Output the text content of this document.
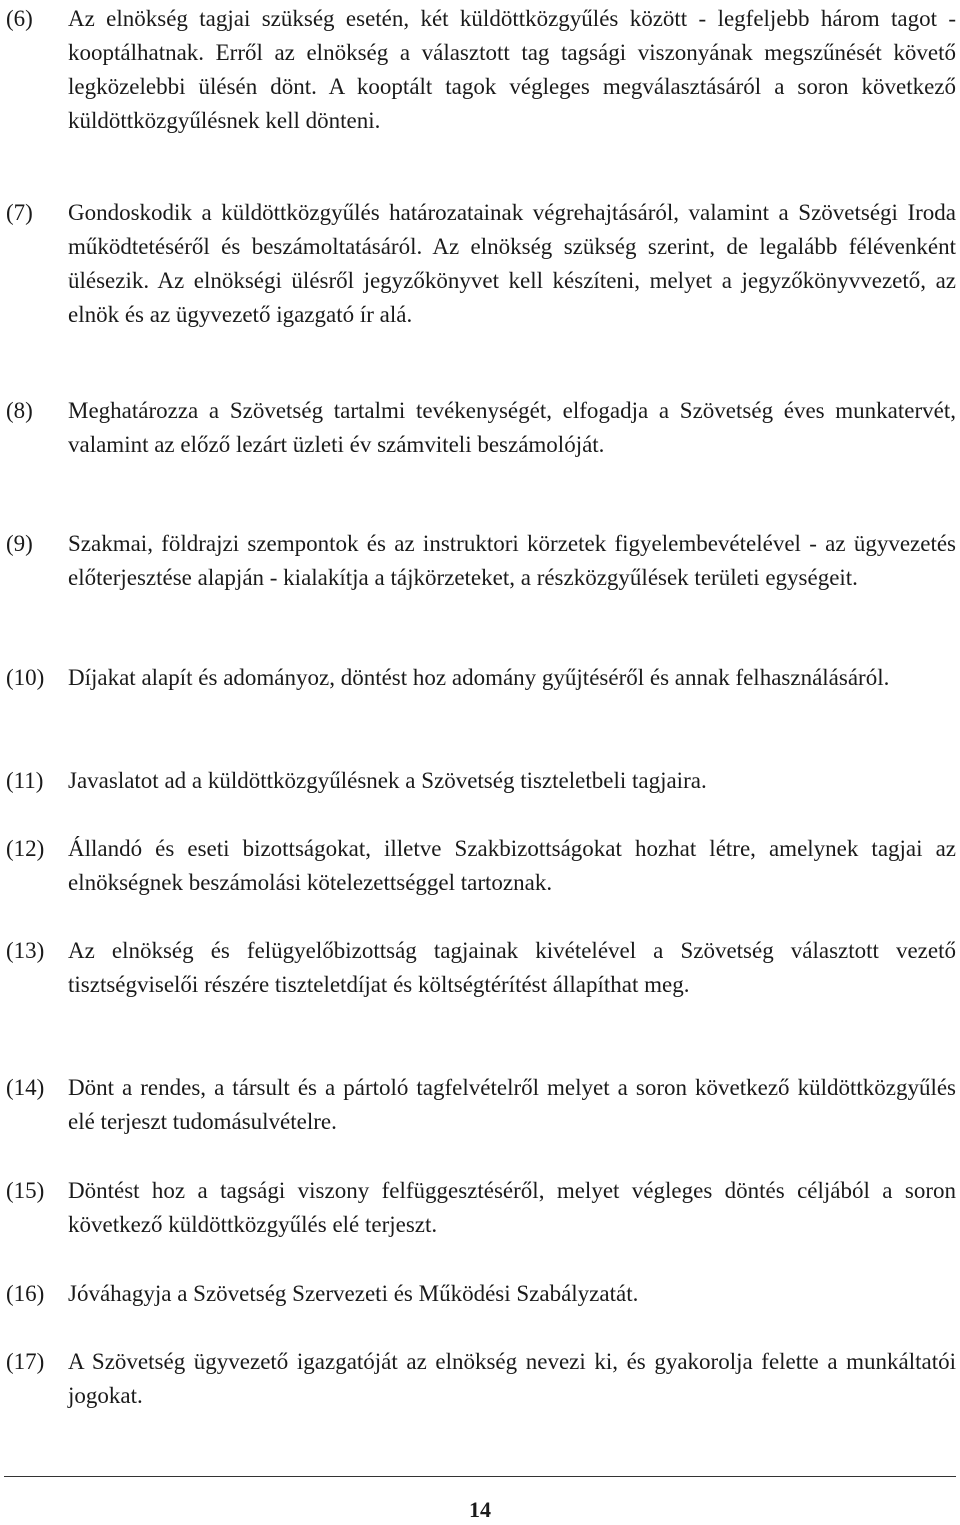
(6) Az elnökség tagjai szükség esetén, két küldöttközgyűlés között - legfeljebb három tagot - kooptálhatnak. Erről az elnökség a választott tag tagsági viszonyának megszűnését követő legközelebbi ülésén dönt. A kooptált tagok végleges megválasztásáról a soron következő küldöttközgyűlésnek kell dönteni.
(7) Gondoskodik a küldöttközgyűlés határozatainak végrehajtásáról, valamint a Szövetségi Iroda működtetéséről és beszámoltatásáról. Az elnökség szükség szerint, de legalább félévenként ülésezik. Az elnökségi ülésről jegyzőkönyvet kell készíteni, melyet a jegyzőkönyvvezető, az elnök és az ügyvezető igazgató ír alá.
(8) Meghatározza a Szövetség tartalmi tevékenységét, elfogadja a Szövetség éves munkatervét, valamint az előző lezárt üzleti év számviteli beszámolóját.
(9) Szakmai, földrajzi szempontok és az instruktori körzetek figyelembevételével - az ügyvezetés előterjesztése alapján - kialakítja a tájkörzeteket, a részközgyűlések területi egységeit.
(10) Díjakat alapít és adományoz, döntést hoz adomány gyűjtéséről és annak felhasználásáról.
(11) Javaslatot ad a küldöttközgyűlésnek a Szövetség tiszteletbeli tagjaira.
(12) Állandó és eseti bizottságokat, illetve Szakbizottságokat hozhat létre, amelynek tagjai az elnökségnek beszámolási kötelezettséggel tartoznak.
(13) Az elnökség és felügyelőbizottság tagjainak kivételével a Szövetség választott vezető tisztségviselői részére tiszteletdíjat és költségtérítést állapíthat meg.
(14) Dönt a rendes, a társult és a pártoló tagfelvételről melyet a soron következő küldöttközgyűlés elé terjeszt tudomásulvételre.
(15) Döntést hoz a tagsági viszony felfüggesztéséről, melyet végleges döntés céljából a soron következő küldöttközgyűlés elé terjeszt.
(16) Jóváhagyja a Szövetség Szervezeti és Működési Szabályzatát.
(17) A Szövetség ügyvezető igazgatóját az elnökség nevezi ki, és gyakorolja felette a munkáltatói jogokat.
14
